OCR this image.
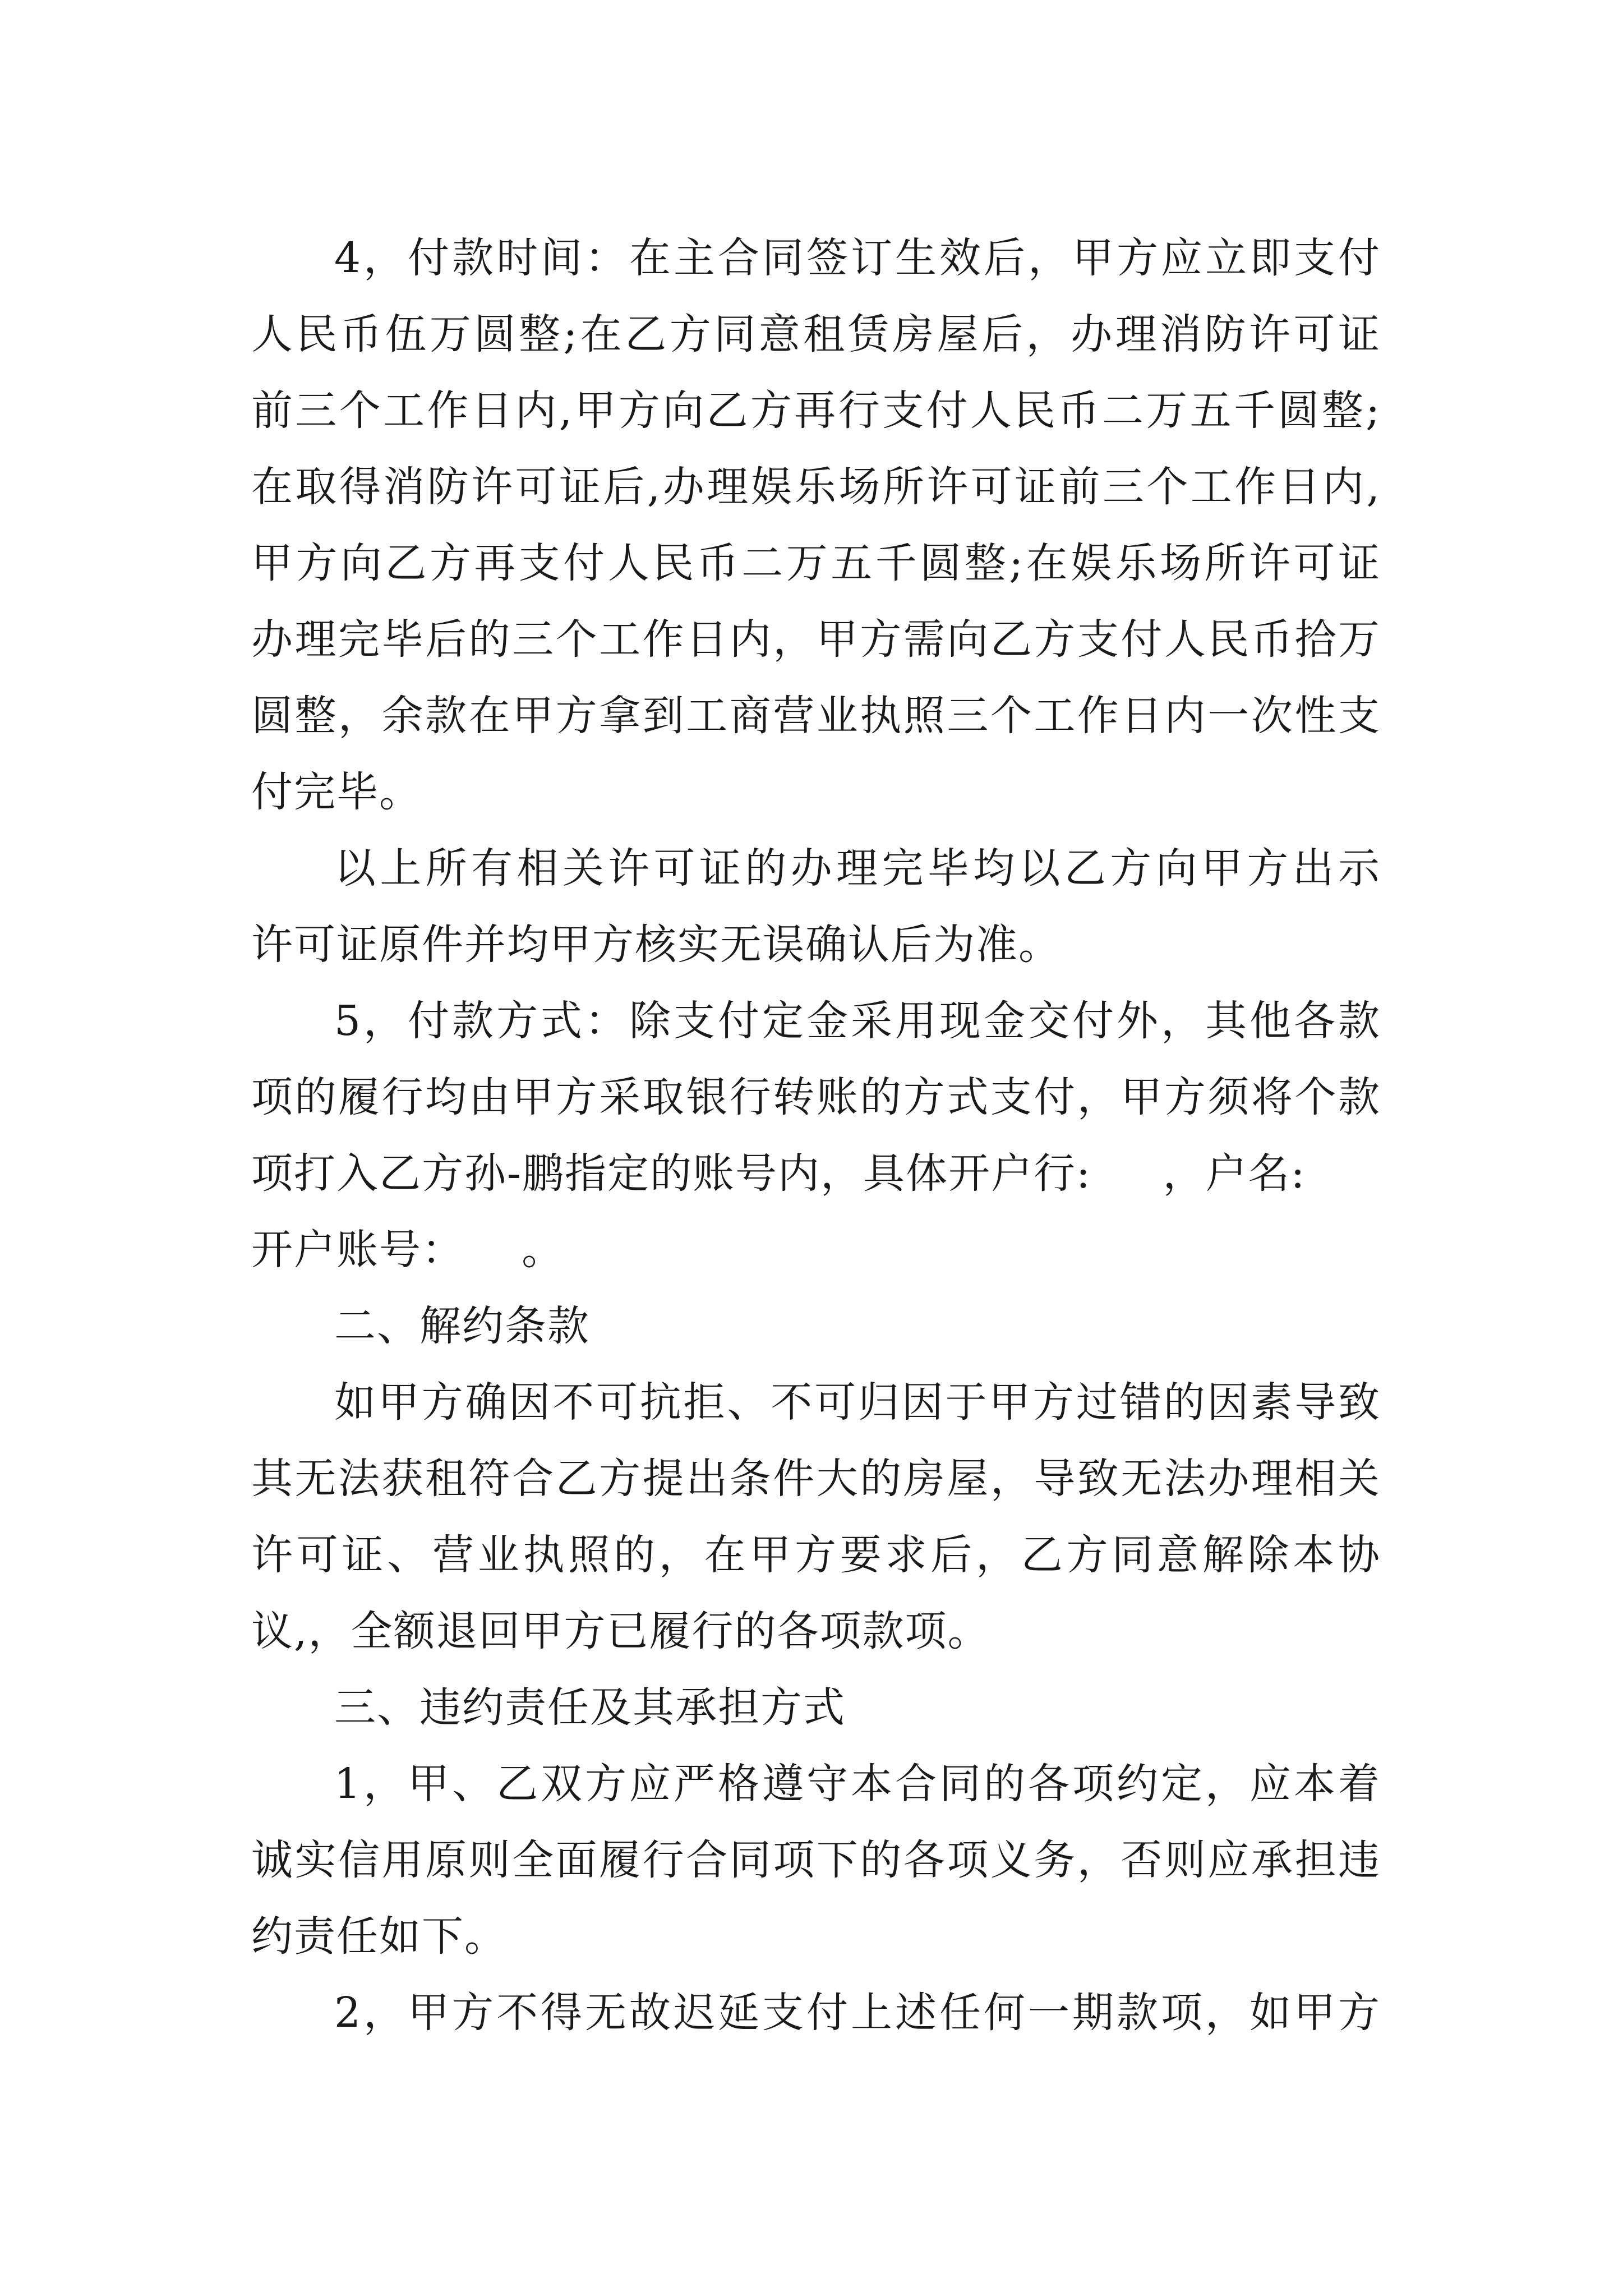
4，付款时间：在主合同签订生效后，甲方应立即支付
人民币伍万圆整;在乙方同意租赁房屋后，办理消防许可证
前三个工作日内,甲方向乙方再行支付人民币二万五千圆整;
在取得消防许可证后,办理娱乐场所许可证前三个工作日内,
甲方向乙方再支付人民币二万五千圆整;在娱乐场所许可证
办理完毕后的三个工作日内，甲方需向乙方支付人民币拾万
圆整，余款在甲方拿到工商营业执照三个工作日内一次性支
付完毕。
以上所有相关许可证的办理完毕均以乙方向甲方出示
许可证原件并均甲方核实无误确认后为准。
5，付款方式：除支付定金采用现金交付外，其他各款
项的履行均由甲方采取银行转账的方式支付，甲方须将个款
项打入乙方孙-鹏指定的账号内，具体开户行:     ，户名:
开户账号：    。
二、解约条款
如甲方确因不可抗拒、不可归因于甲方过错的因素导致
其无法获租符合乙方提出条件大的房屋，导致无法办理相关
许可证、营业执照的，在甲方要求后，乙方同意解除本协
议,，全额退回甲方已履行的各项款项。
三、违约责任及其承担方式
1，甲、乙双方应严格遵守本合同的各项约定，应本着
诚实信用原则全面履行合同项下的各项义务，否则应承担违
约责任如下。
2，甲方不得无故迟延支付上述任何一期款项，如甲方
